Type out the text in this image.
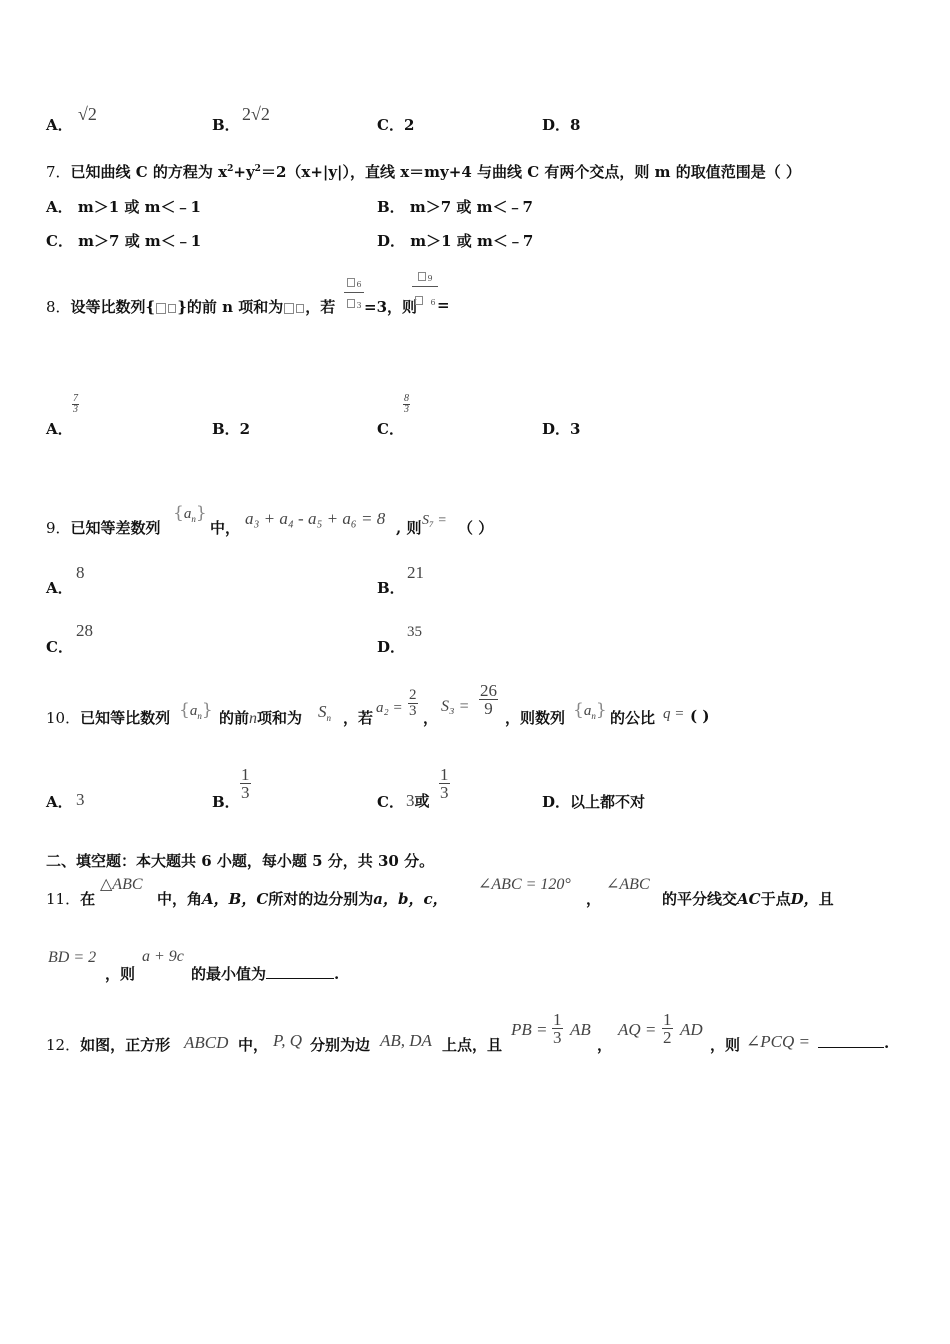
A．
√2
B．
2√2
C．2	D．8
7．已知曲线 C 的方程为 $x^2+y^2=2(x+|y|)$，直线 x＝my+4 与曲线 C 有两个交点，则 m 的取值范围是（ ）
A． m＞1 或 m＜﹣1	B． m＞7 或 m＜﹣7
C． m＞7 或 m＜﹣1	D． m＞1 或 m＜﹣7
8．设等比数列{ }的前 n 项和为 ，若
6
3 =3，则
9
6 =
A．
$\frac{7}{3}$
B．2	C．
$\frac{8}{3}$
D．3
9．已知等差数列
$\{a_n\}$
中， a₃ + a₄ - a₅ + a₆ = 8 , 则 S₇ = （ ）
A．
8
B．
21
C．
28
D．
35
10．已知等比数列 $\{a_n\}$ 的前n项和为 $S_n$ ，若
$a_2 = \frac{2}{3}$ ，
$S_3 = \frac{26}{9}$
，则数列 $\{a_n\}$ 的公比 q = ( )
A． 3	B．
$\frac{1}{3}$
C． 3或 $\frac{1}{3}$
D．以上都不对
二、填空题：本大题共 6 小题，每小题 5 分，共 30 分。
11．在
△ABC
中，角A，B，C所对的边分别为a，b，c，
∠ABC = 120°
，
∠ABC
的平分线交AC于点D，且
BD = 2
，则
a + 9c
的最小值为	.
12．如图，正方形 ABCD 中， P, Q 分别为边 AB, DA 上点，且
PB = $\frac{1}{3}$ AB
，
AQ = $\frac{1}{2}$ AD
，则 ∠PCQ =	.
